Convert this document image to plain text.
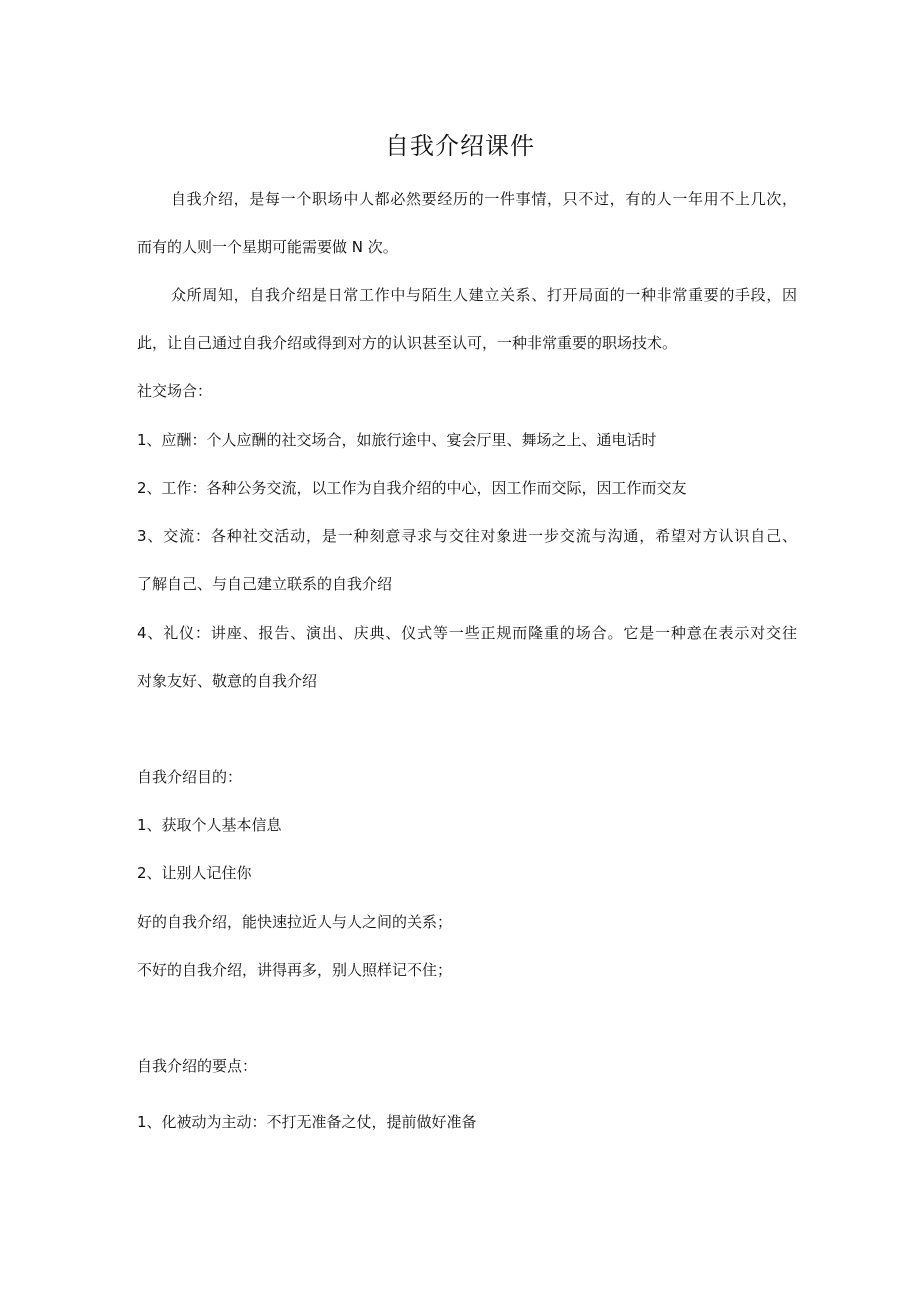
自我介绍课件

自我介绍，是每一个职场中人都必然要经历的一件事情，只不过，有的人一年用不上几次，

而有的人则一个星期可能需要做 N 次。

众所周知，自我介绍是日常工作中与陌生人建立关系、打开局面的一种非常重要的手段，因

此，让自己通过自我介绍或得到对方的认识甚至认可，一种非常重要的职场技术。

社交场合：

1、应酬：个人应酬的社交场合，如旅行途中、宴会厅里、舞场之上、通电话时

2、工作：各种公务交流，以工作为自我介绍的中心，因工作而交际，因工作而交友

3、交流：各种社交活动，是一种刻意寻求与交往对象进一步交流与沟通，希望对方认识自己、

了解自己、与自己建立联系的自我介绍

4、礼仪：讲座、报告、演出、庆典、仪式等一些正规而隆重的场合。它是一种意在表示对交往

对象友好、敬意的自我介绍

自我介绍目的：

1、获取个人基本信息

2、让别人记住你

好的自我介绍，能快速拉近人与人之间的关系；

不好的自我介绍，讲得再多，别人照样记不住；

自我介绍的要点：

1、化被动为主动：不打无准备之仗，提前做好准备
